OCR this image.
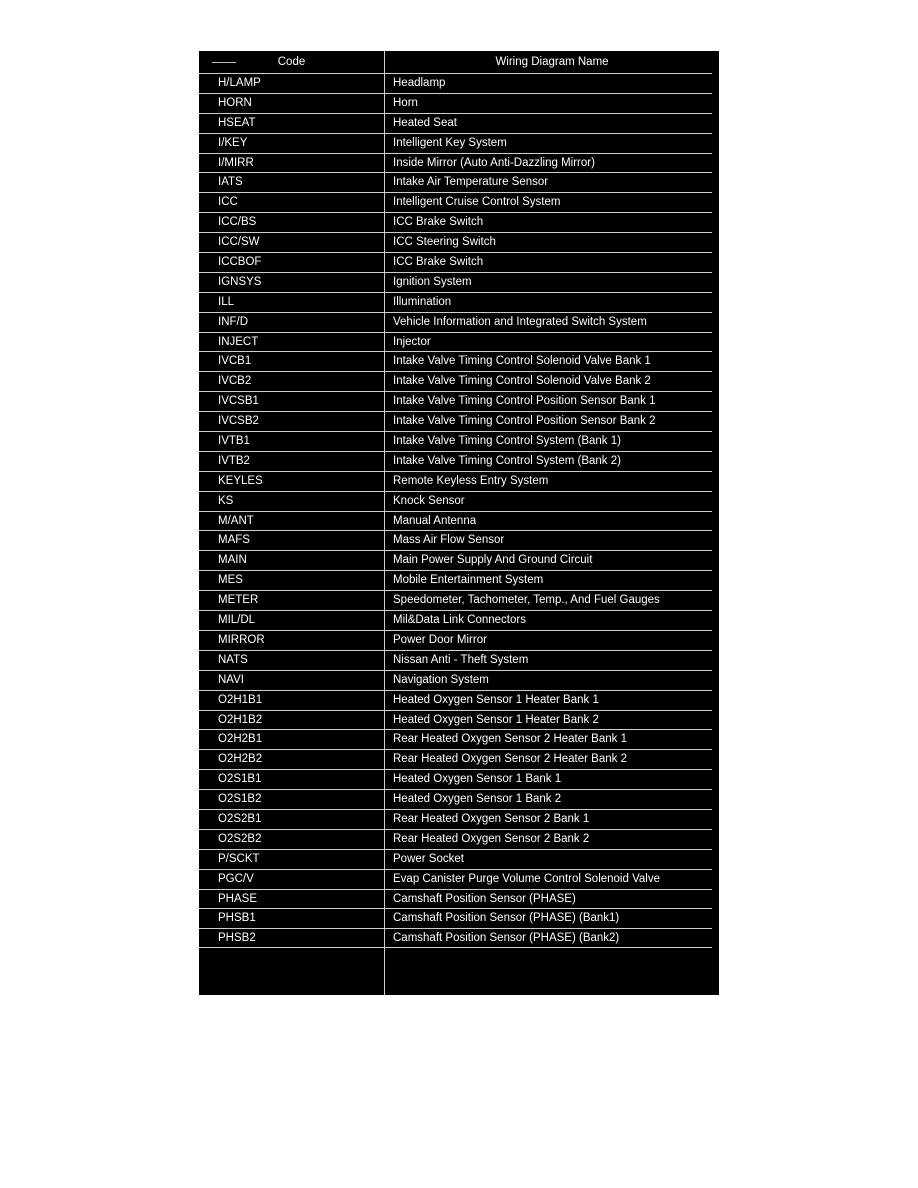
Code	Wiring Diagram Name
H/LAMP	Headlamp
HORN	Horn
HSEAT	Heated Seat
I/KEY	Intelligent Key System
I/MIRR	Inside Mirror (Auto Anti-Dazzling Mirror)
IATS	Intake Air Temperature Sensor
ICC	Intelligent Cruise Control System
ICC/BS	ICC Brake Switch
ICC/SW	ICC Steering Switch
ICCBOF	ICC Brake Switch
IGNSYS	Ignition System
ILL	Illumination
INF/D	Vehicle Information and Integrated Switch System
INJECT	Injector
IVCB1	Intake Valve Timing Control Solenoid Valve Bank 1
IVCB2	Intake Valve Timing Control Solenoid Valve Bank 2
IVCSB1	Intake Valve Timing Control Position Sensor Bank 1
IVCSB2	Intake Valve Timing Control Position Sensor Bank 2
IVTB1	Intake Valve Timing Control System (Bank 1)
IVTB2	Intake Valve Timing Control System (Bank 2)
KEYLES	Remote Keyless Entry System
KS	Knock Sensor
M/ANT	Manual Antenna
MAFS	Mass Air Flow Sensor
MAIN	Main Power Supply And Ground Circuit
MES	Mobile Entertainment System
METER	Speedometer, Tachometer, Temp., And Fuel Gauges
MIL/DL	Mil&Data Link Connectors
MIRROR	Power Door Mirror
NATS	Nissan Anti - Theft System
NAVI	Navigation System
O2H1B1	Heated Oxygen Sensor 1 Heater Bank 1
O2H1B2	Heated Oxygen Sensor 1 Heater Bank 2
O2H2B1	Rear Heated Oxygen Sensor 2 Heater Bank 1
O2H2B2	Rear Heated Oxygen Sensor 2 Heater Bank 2
O2S1B1	Heated Oxygen Sensor 1 Bank 1
O2S1B2	Heated Oxygen Sensor 1 Bank 2
O2S2B1	Rear Heated Oxygen Sensor 2 Bank 1
O2S2B2	Rear Heated Oxygen Sensor 2 Bank 2
P/SCKT	Power Socket
PGC/V	Evap Canister Purge Volume Control Solenoid Valve
PHASE	Camshaft Position Sensor (PHASE)
PHSB1	Camshaft Position Sensor (PHASE) (Bank1)
PHSB2	Camshaft Position Sensor (PHASE) (Bank2)
